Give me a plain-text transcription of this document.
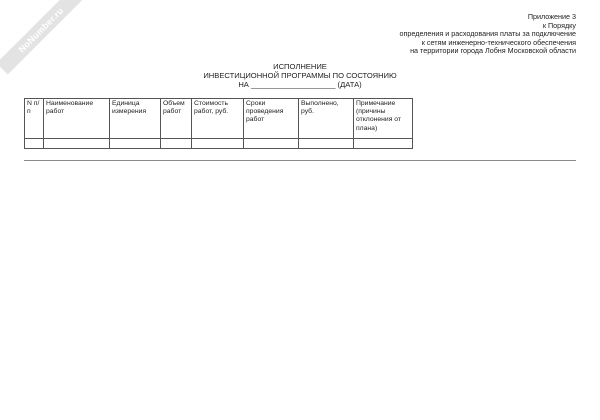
NoNumber.ru	Приложение 3
к Порядку
определения и расходования платы за подключение
к сетям инженерно-технического обеспечения
на территории города Лобня Московской области
ИСПОЛНЕНИЕ
ИНВЕСТИЦИОННОЙ ПРОГРАММЫ ПО СОСТОЯНИЮ
НА ____________________ (ДАТА)
N п/п	Наименование работ	Единица измерения	Объем работ	Стоимость работ, руб.	Сроки проведения работ	Выполнено, руб.	Примечание (причины отклонения от плана)
